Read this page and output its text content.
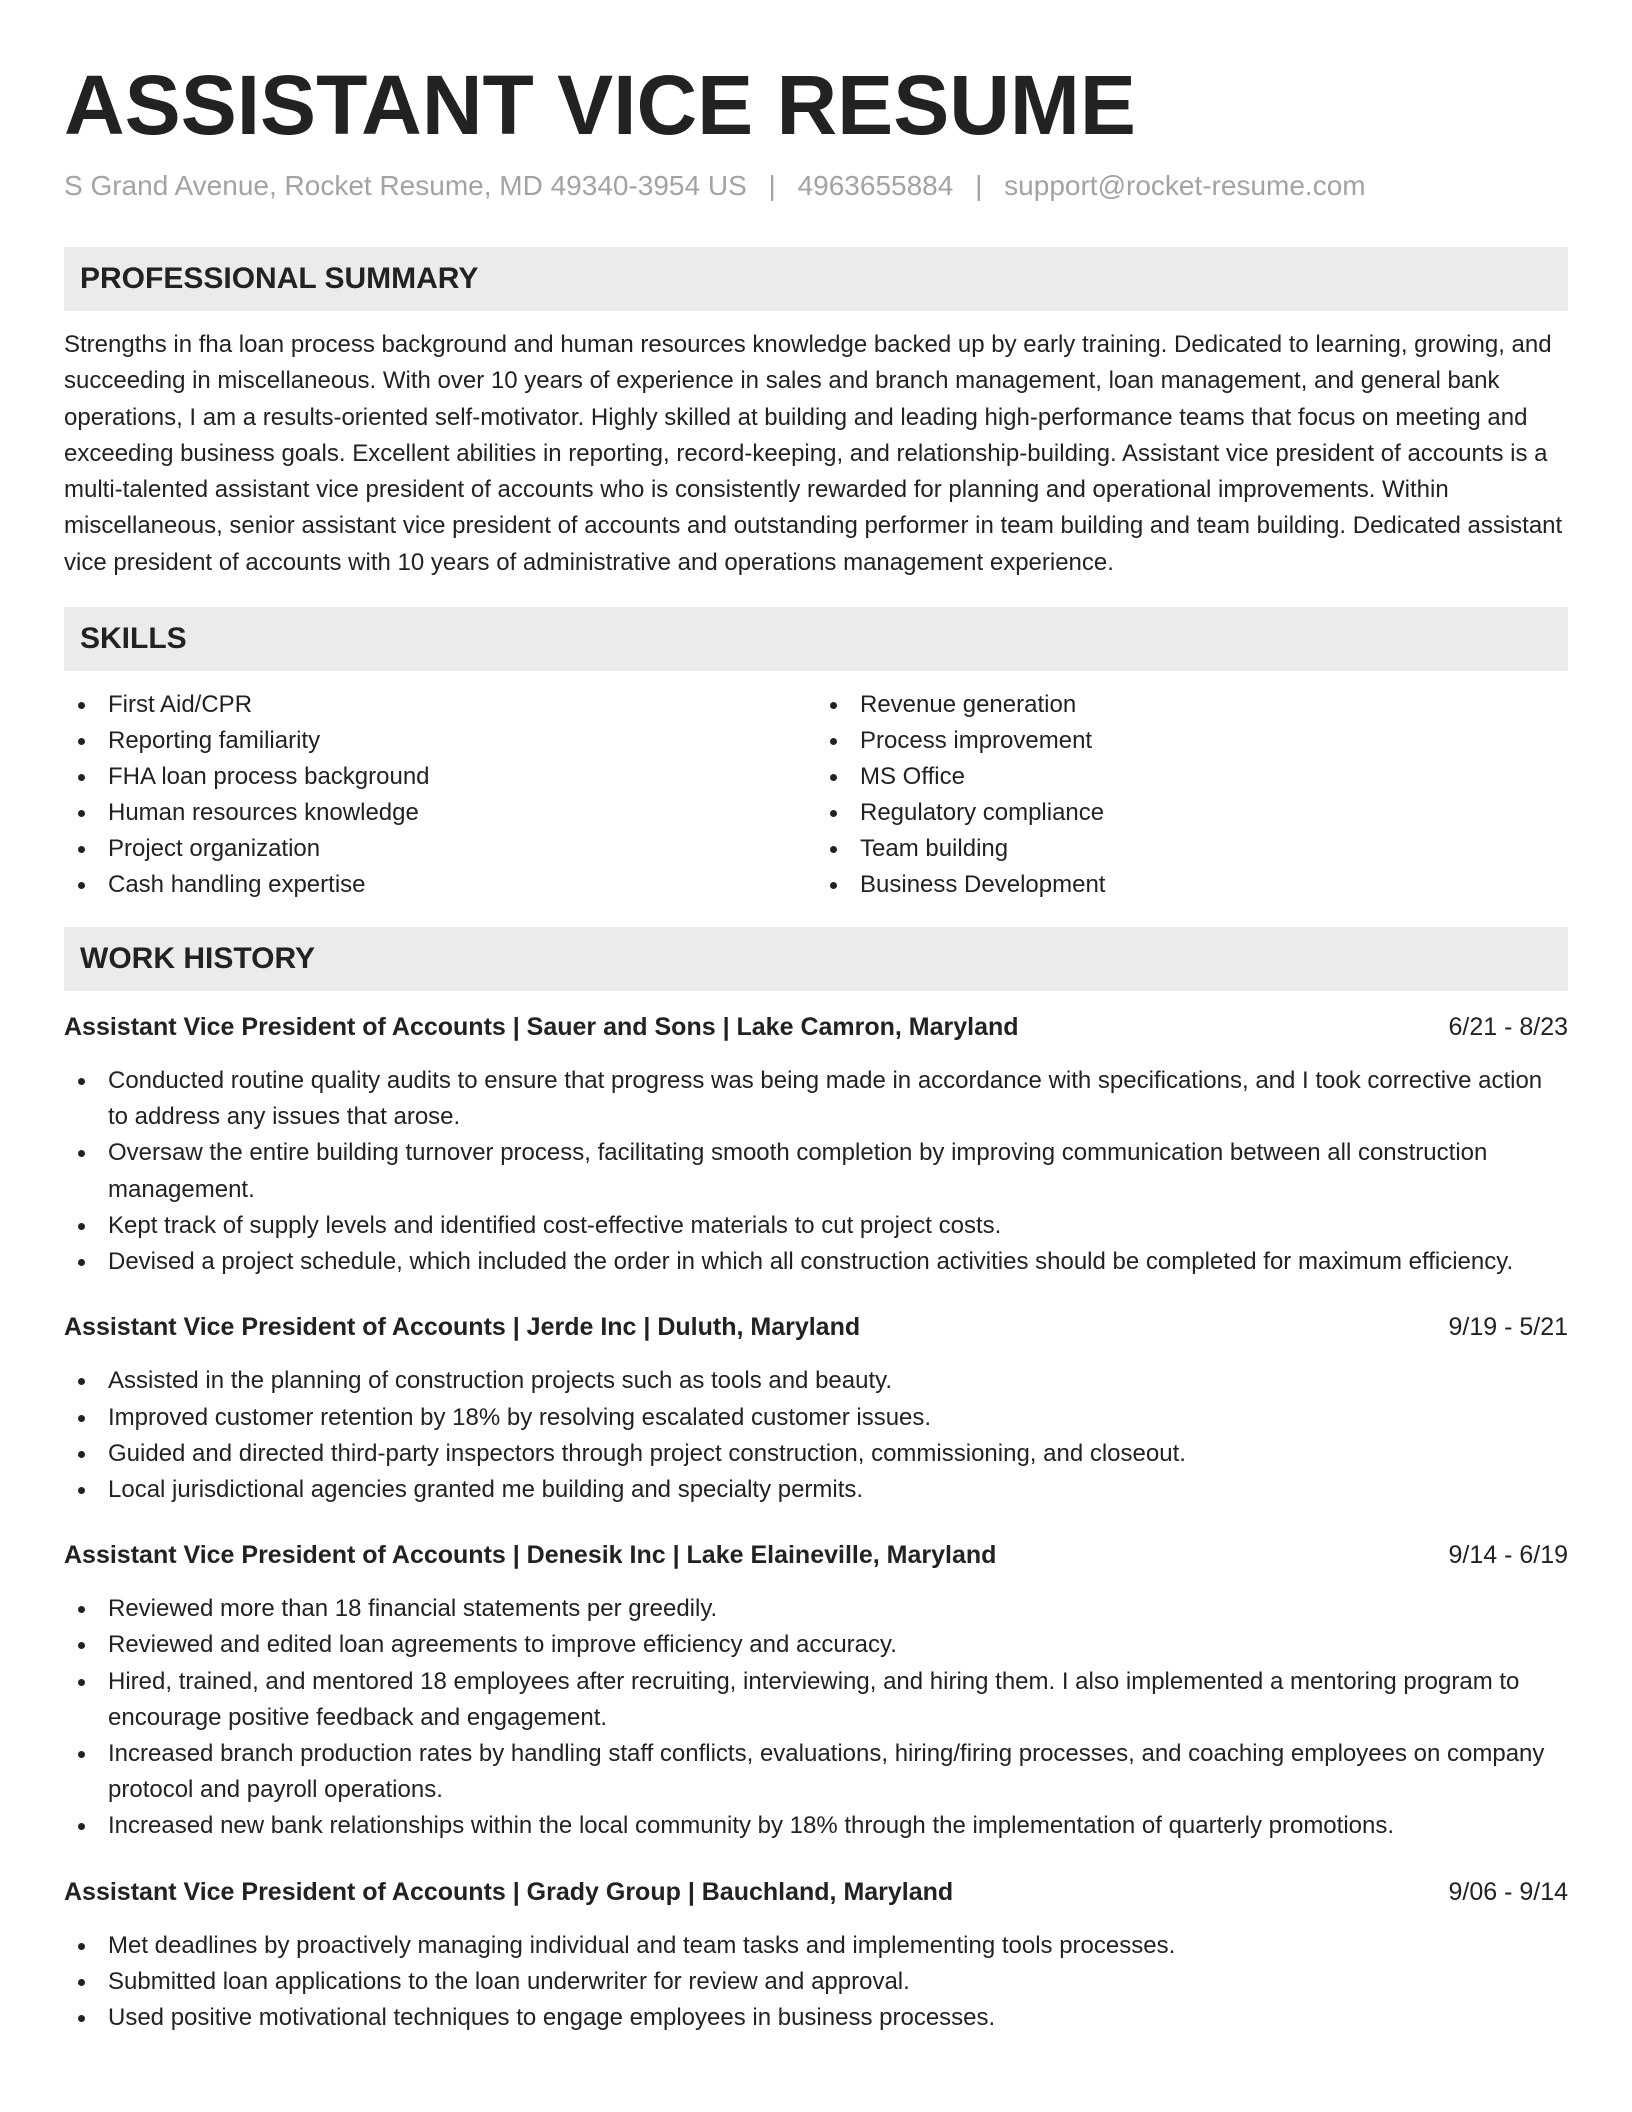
ASSISTANT VICE RESUME
S Grand Avenue, Rocket Resume, MD 49340-3954 US | 4963655884 | support@rocket-resume.com
PROFESSIONAL SUMMARY
Strengths in fha loan process background and human resources knowledge backed up by early training. Dedicated to learning, growing, and succeeding in miscellaneous. With over 10 years of experience in sales and branch management, loan management, and general bank operations, I am a results-oriented self-motivator. Highly skilled at building and leading high-performance teams that focus on meeting and exceeding business goals. Excellent abilities in reporting, record-keeping, and relationship-building. Assistant vice president of accounts is a multi-talented assistant vice president of accounts who is consistently rewarded for planning and operational improvements. Within miscellaneous, senior assistant vice president of accounts and outstanding performer in team building and team building. Dedicated assistant vice president of accounts with 10 years of administrative and operations management experience.
SKILLS
First Aid/CPR
Reporting familiarity
FHA loan process background
Human resources knowledge
Project organization
Cash handling expertise
Revenue generation
Process improvement
MS Office
Regulatory compliance
Team building
Business Development
WORK HISTORY
Assistant Vice President of Accounts | Sauer and Sons | Lake Camron, Maryland	6/21 - 8/23
Conducted routine quality audits to ensure that progress was being made in accordance with specifications, and I took corrective action to address any issues that arose.
Oversaw the entire building turnover process, facilitating smooth completion by improving communication between all construction management.
Kept track of supply levels and identified cost-effective materials to cut project costs.
Devised a project schedule, which included the order in which all construction activities should be completed for maximum efficiency.
Assistant Vice President of Accounts | Jerde Inc | Duluth, Maryland	9/19 - 5/21
Assisted in the planning of construction projects such as tools and beauty.
Improved customer retention by 18% by resolving escalated customer issues.
Guided and directed third-party inspectors through project construction, commissioning, and closeout.
Local jurisdictional agencies granted me building and specialty permits.
Assistant Vice President of Accounts | Denesik Inc | Lake Elaineville, Maryland	9/14 - 6/19
Reviewed more than 18 financial statements per greedily.
Reviewed and edited loan agreements to improve efficiency and accuracy.
Hired, trained, and mentored 18 employees after recruiting, interviewing, and hiring them. I also implemented a mentoring program to encourage positive feedback and engagement.
Increased branch production rates by handling staff conflicts, evaluations, hiring/firing processes, and coaching employees on company protocol and payroll operations.
Increased new bank relationships within the local community by 18% through the implementation of quarterly promotions.
Assistant Vice President of Accounts | Grady Group | Bauchland, Maryland	9/06 - 9/14
Met deadlines by proactively managing individual and team tasks and implementing tools processes.
Submitted loan applications to the loan underwriter for review and approval.
Used positive motivational techniques to engage employees in business processes.
